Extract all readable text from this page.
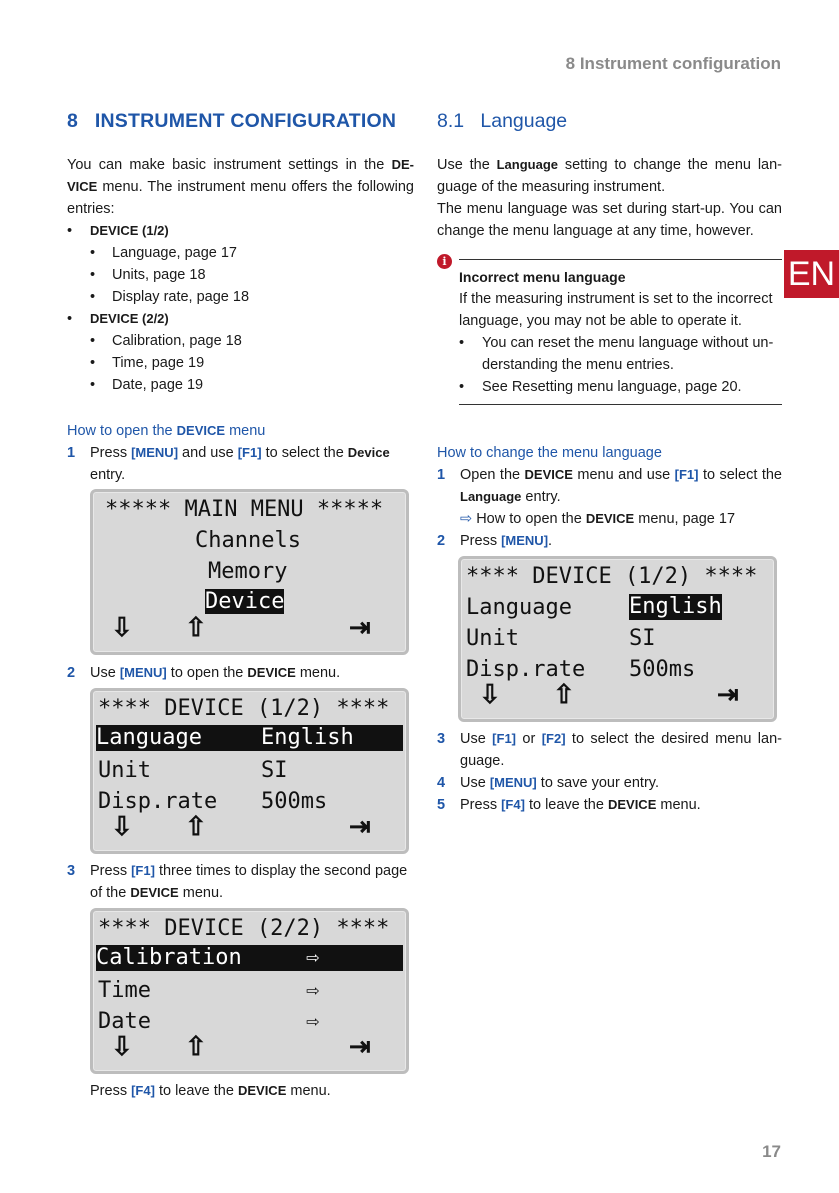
8 Instrument configuration
EN
8 INSTRUMENT CONFIGURATION

You can make basic instrument settings in the DE-VICE menu. The instrument menu offers the following entries:

• DEVICE (1/2)
• Language, page 17
• Units, page 18
• Display rate, page 18
• DEVICE (2/2)
• Calibration, page 18
• Time, page 19
• Date, page 19

How to open the DEVICE menu

1 Press [MENU] and use [F1] to select the Device entry.
***** MAIN MENU *****
Channels
Memory
Device
⇩ ⇧	⇥
2 Use [MENU] to open the DEVICE menu.
**** DEVICE (1/2) ****
Language	English
Unit	SI
Disp.rate 500ms
⇩ ⇧	⇥
3 Press [F1] three times to display the second page of the DEVICE menu.
**** DEVICE (2/2) ****
Calibration	⇨
Time	⇨
Date	⇨
⇩ ⇧	⇥
Press [F4] to leave the DEVICE menu.
8.1 Language

Use the Language setting to change the menu lan-guage of the measuring instrument.

The menu language was set during start-up. You can change the menu language at any time, however.

i
Incorrect menu language
If the measuring instrument is set to the incorrect language, you may not be able to operate it.
• You can reset the menu language without un-derstanding the menu entries.
• See Resetting menu language, page 20.

How to change the menu language

1 Open the DEVICE menu and use [F1] to select the Language entry.
⇨ How to open the DEVICE menu, page 17
2 Press [MENU].
**** DEVICE (1/2) ****
Language	English
Unit	SI
Disp.rate 500ms
⇩ ⇧	⇥
3 Use [F1] or [F2] to select the desired menu lan-guage.
4 Use [MENU] to save your entry.
5 Press [F4] to leave the DEVICE menu.
17
